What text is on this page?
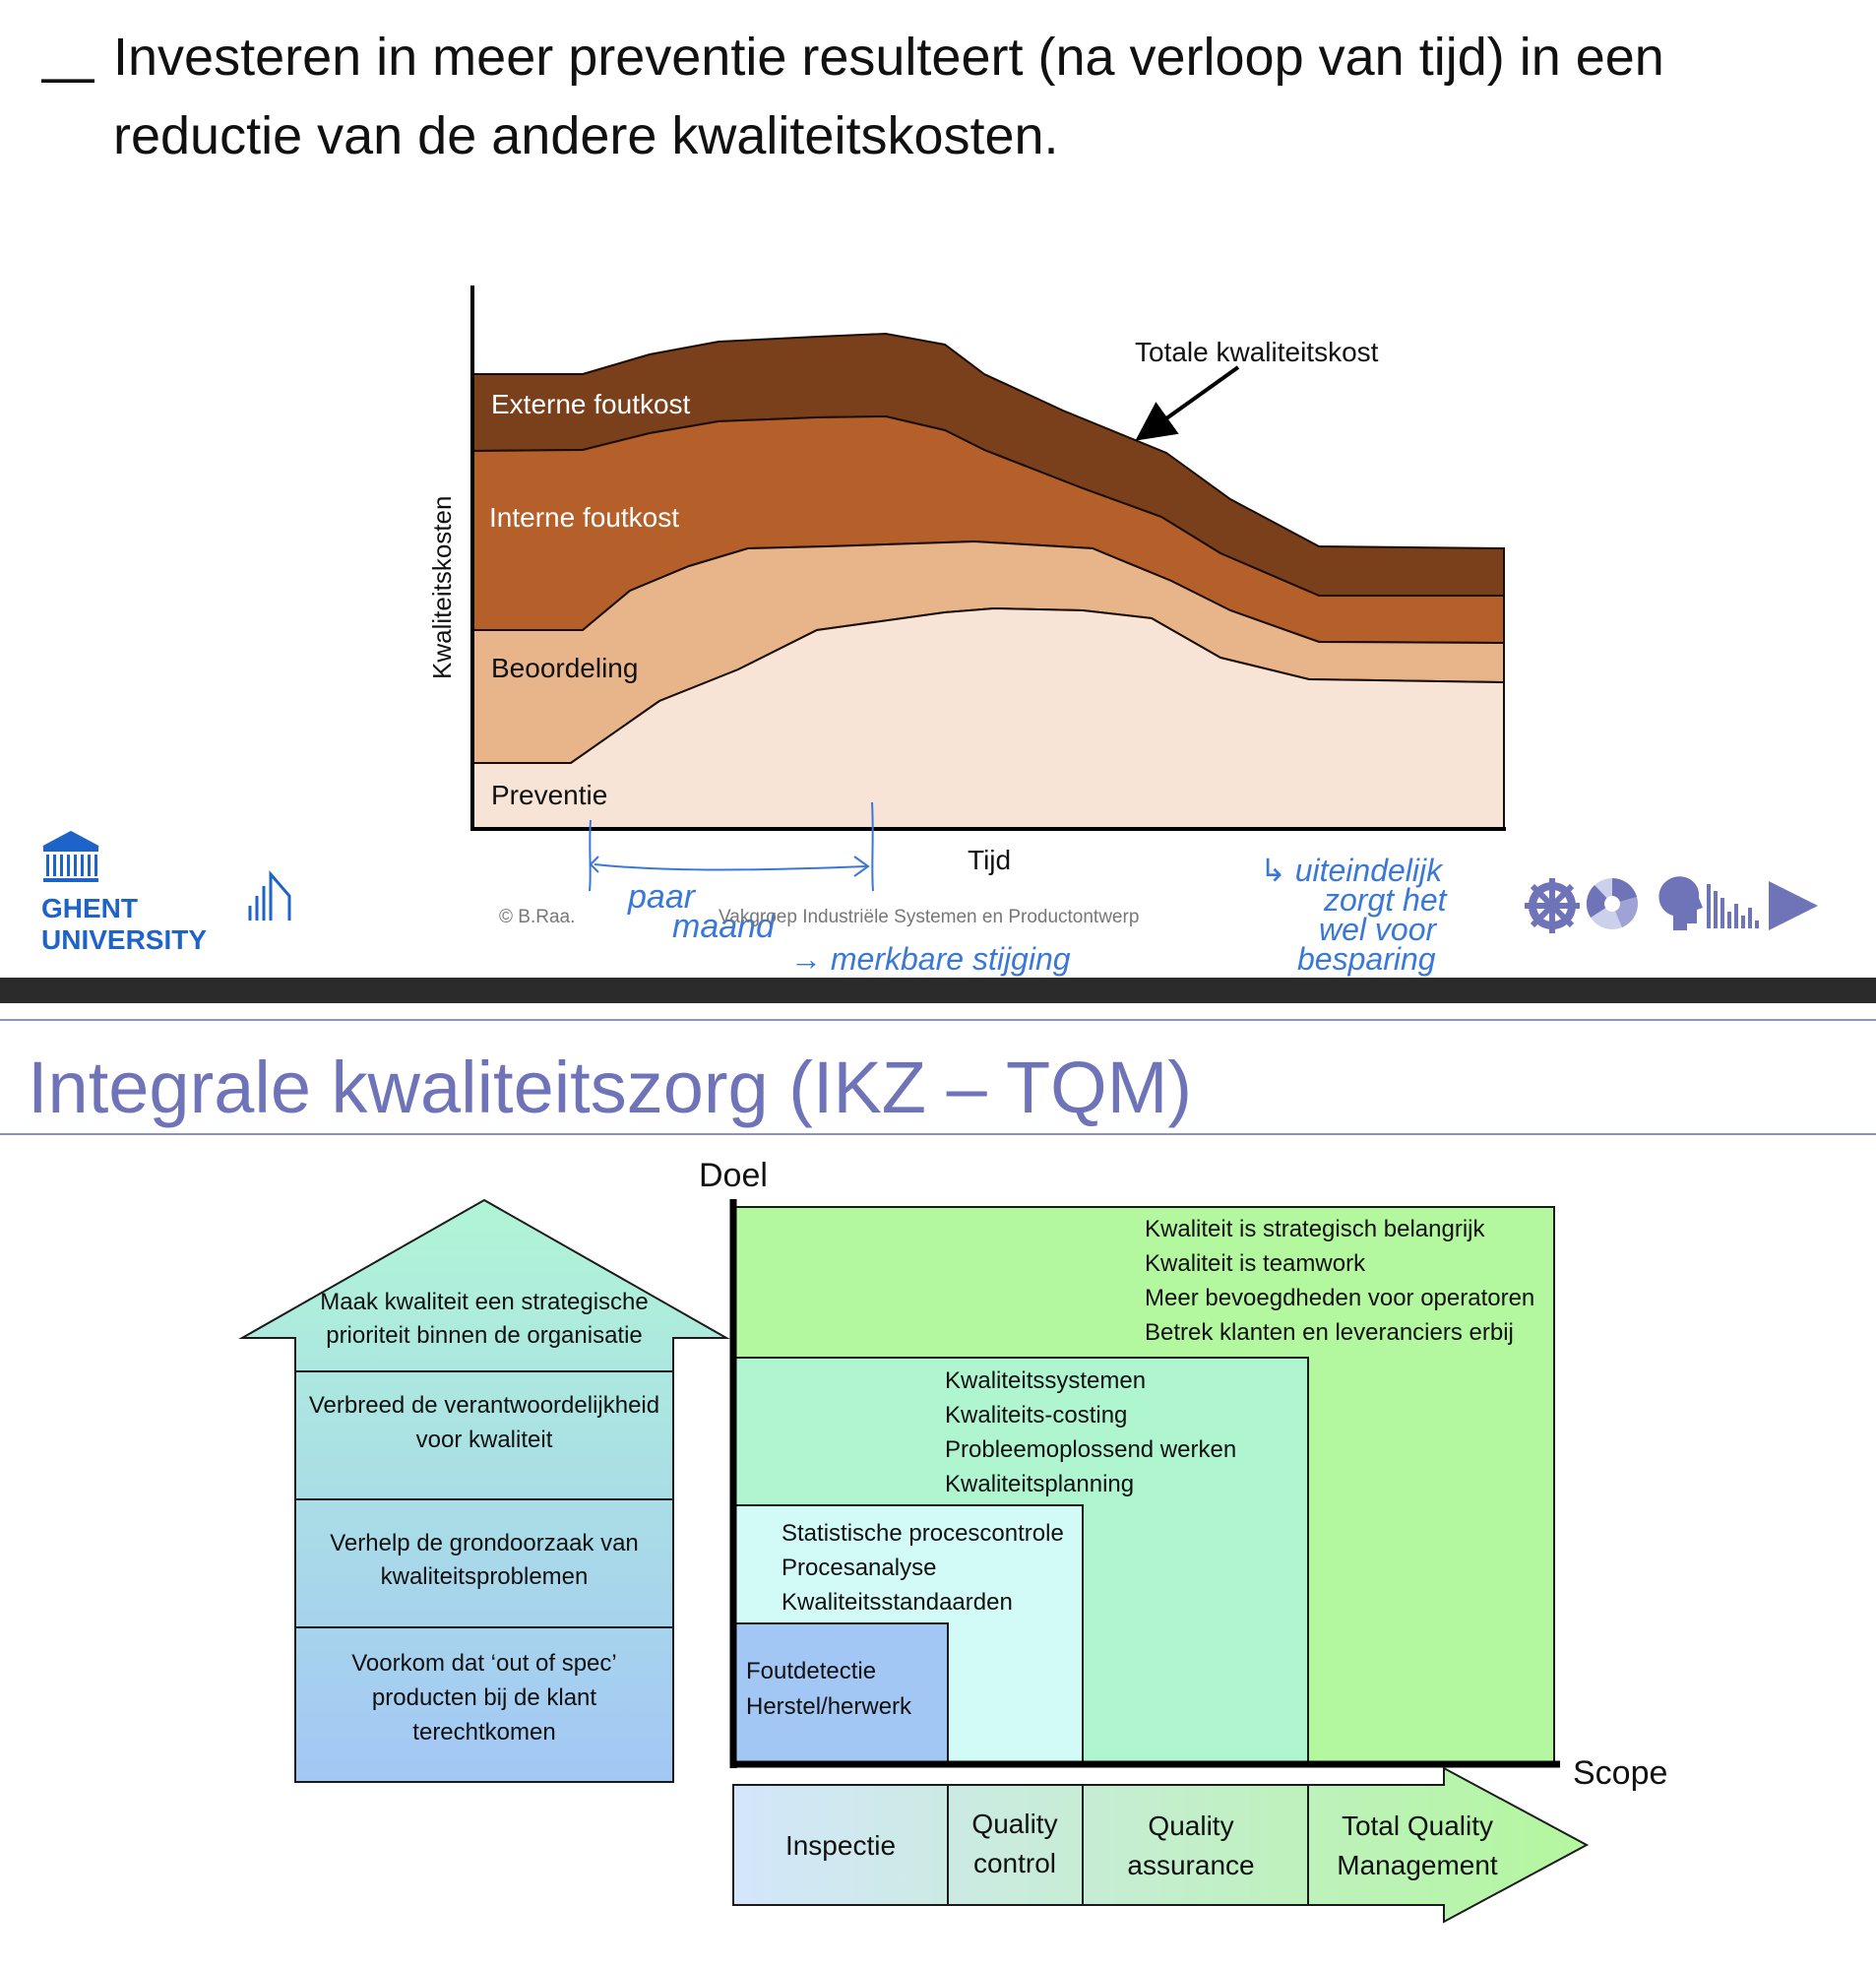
— Investeren in meer preventie resulteert (na verloop van tijd) in een
reductie van de andere kwaliteitskosten.
Externe foutkost
Interne foutkost
Beoordeling
Preventie
Kwaliteitskosten
Tijd
Totale kwaliteitskost
paar
maand
→ merkbare stijging
↳ uiteindelijk
zorgt het
wel voor
besparing
© B.Raa.	Vakgroep Industriële Systemen en Productontwerp
GHENT
UNIVERSITY
Integrale kwaliteitszorg (IKZ – TQM)
Maak kwaliteit een strategische
prioriteit binnen de organisatie
Verbreed de verantwoordelijkheid
voor kwaliteit
Verhelp de grondoorzaak van
kwaliteitsproblemen
Voorkom dat ‘out of spec’
producten bij de klant
terechtkomen
Kwaliteit is strategisch belangrijk
Kwaliteit is teamwork
Meer bevoegdheden voor operatoren
Betrek klanten en leveranciers erbij
Kwaliteitssystemen
Kwaliteits-costing
Probleemoplossend werken
Kwaliteitsplanning
Statistische procescontrole
Procesanalyse
Kwaliteitsstandaarden
Foutdetectie
Herstel/herwerk
Doel
Scope
Inspectie
Quality
control
Quality
assurance
Total Quality
Management
